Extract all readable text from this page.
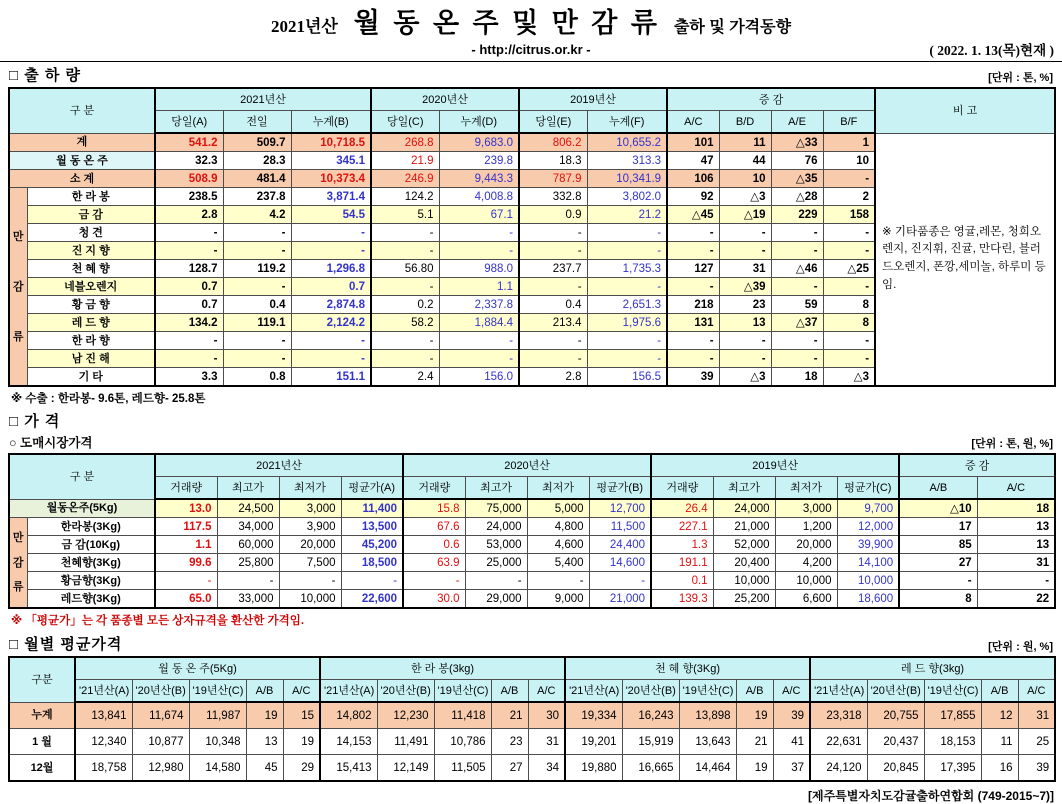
2021년산 월 동 온 주 및 만 감 류 출하 및 가격동향
- http://citrus.or.kr -	( 2022. 1. 13(목)현재 )
□ 출 하 량	[단위 : 톤, %]
구 분		2021년산			2020년산		2019년산		증 감				비 고
		당일(A)	전일	누계(B)	당일(C)	누계(D)	당일(E)	누계(F)	A/C	B/D	A/E	B/F	
계		541.2	509.7	10,718.5	268.8	9,683.0	806.2	10,655.2	101	11	△33	1	※ 기타품종은 영귤,레몬, 청희오렌지, 진지휘, 진귤, 만다린, 블러드오렌지, 폰깡,세미놀, 하루미 등 임.
월 동 온 주		32.3	28.3	345.1	21.9	239.8	18.3	313.3	47	44	76	10	
소 계		508.9	481.4	10,373.4	246.9	9,443.3	787.9	10,341.9	106	10	△35	-	

만
감
류	한 라 봉	238.5	237.8	3,871.4	124.2	4,008.8	332.8	3,802.0	92	△3	△28	2	
	금 감	2.8	4.2	54.5	5.1	67.1	0.9	21.2	△45	△19	229	158	
	청 견	-	-	-	-	-	-	-	-	-	-	-	
	진 지 향	-	-	-	-	-	-	-	-	-	-	-	
	천 혜 향	128.7	119.2	1,296.8	56.80	988.0	237.7	1,735.3	127	31	△46	△25	
	네블오렌지	0.7	-	0.7	-	1.1	-	-	-	△39	-	-	
	황 금 향	0.7	0.4	2,874.8	0.2	2,337.8	0.4	2,651.3	218	23	59	8	
	레 드 향	134.2	119.1	2,124.2	58.2	1,884.4	213.4	1,975.6	131	13	△37	8	
	한 라 향	-	-	-	-	-	-	-	-	-	-	-	
	남 진 해	-	-	-	-	-	-	-	-	-	-	-	
	기 타	3.3	0.8	151.1	2.4	156.0	2.8	156.5	39	△3	18	△3	
※ 수출 : 한라봉- 9.6톤, 레드향- 25.8톤
□ 가 격
○ 도매시장가격	[단위 : 톤, 원, %]
구 분		2021년산				2020년산				2019년산				증 감	
		거래량	최고가	최저가	평균가(A)	거래량	최고가	최저가	평균가(B)	거래량	최고가	최저가	평균가(C)	A/B	A/C
월동온주(5Kg)		13.0	24,500	3,000	11,400	15.8	75,000	5,000	12,700	26.4	24,000	3,000	9,700	△10	18

만
감
류	한라봉(3Kg)	117.5	34,000	3,900	13,500	67.6	24,000	4,800	11,500	227.1	21,000	1,200	12,000	17	13
	금 감(10Kg)	1.1	60,000	20,000	45,200	0.6	53,000	4,600	24,400	1.3	52,000	20,000	39,900	85	13
	천혜향(3Kg)	99.6	25,800	7,500	18,500	63.9	25,000	5,400	14,600	191.1	20,400	4,200	14,100	27	31
	황금향(3Kg)	-	-	-	-	-	-	-	-	0.1	10,000	10,000	10,000	-	-
	레드향(3Kg)	65.0	33,000	10,000	22,600	30.0	29,000	9,000	21,000	139.3	25,200	6,600	18,600	8	22
※ 「평균가」는 각 품종별 모든 상자규격을 환산한 가격임.
□ 월별 평균가격	[단위 : 원, %]
구분	월 동 온 주(5Kg)					한 라 봉(3kg)					천 혜 향(3Kg)					레 드 향(3kg)				
	'21년산(A)	'20년산(B)	'19년산(C)	A/B	A/C	'21년산(A)	'20년산(B)	'19년산(C)	A/B	A/C	'21년산(A)	'20년산(B)	'19년산(C)	A/B	A/C	'21년산(A)	'20년산(B)	'19년산(C)	A/B	A/C
누계	13,841	11,674	11,987	19	15	14,802	12,230	11,418	21	30	19,334	16,243	13,898	19	39	23,318	20,755	17,855	12	31
1 월	12,340	10,877	10,348	13	19	14,153	11,491	10,786	23	31	19,201	15,919	13,643	21	41	22,631	20,437	18,153	11	25
12월	18,758	12,980	14,580	45	29	15,413	12,149	11,505	27	34	19,880	16,665	14,464	19	37	24,120	20,845	17,395	16	39
[제주특별자치도감귤출하연합회 (749-2015~7)]
